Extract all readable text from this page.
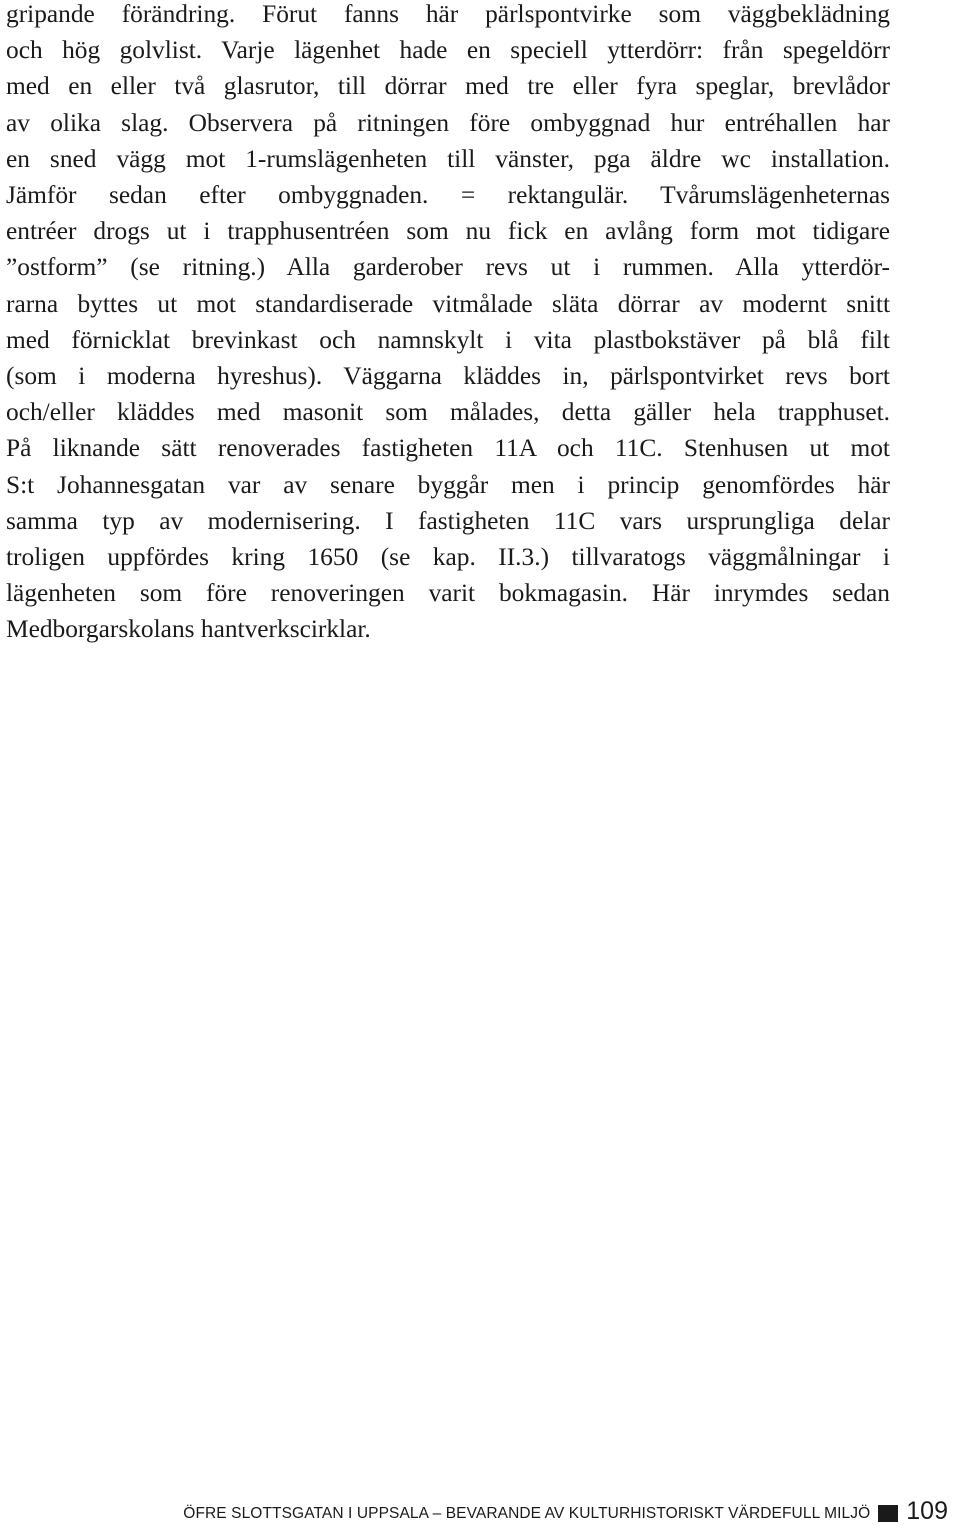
gripande förändring. Förut fanns här pärlspontvirke som väggbeklädning
och hög golvlist. Varje lägenhet hade en speciell ytterdörr: från spegeldörr
med en eller två glasrutor, till dörrar med tre eller fyra speglar, brevlådor
av olika slag. Observera på ritningen före ombyggnad hur entréhallen har
en sned vägg mot 1-rumslägenheten till vänster, pga äldre wc installation.
Jämför sedan efter ombyggnaden. = rektangulär. Tvårumslägenheternas
entréer drogs ut i trapphusentréen som nu fick en avlång form mot tidigare
”ostform” (se ritning.) Alla garderober revs ut i rummen. Alla ytterdör-
rarna byttes ut mot standardiserade vitmålade släta dörrar av modernt snitt
med förnicklat brevinkast och namnskylt i vita plastbokstäver på blå filt
(som i moderna hyreshus). Väggarna kläddes in, pärlspontvirket revs bort
och/eller kläddes med masonit som målades, detta gäller hela trapphuset.
På liknande sätt renoverades fastigheten 11A och 11C. Stenhusen ut mot
S:t Johannesgatan var av senare byggår men i princip genomfördes här
samma typ av modernisering. I fastigheten 11C vars ursprungliga delar
troligen uppfördes kring 1650 (se kap. II.3.) tillvaratogs väggmålningar i
lägenheten som före renoveringen varit bokmagasin. Här inrymdes sedan
Medborgarskolans hantverkscirklar.
ÖFRE SLOTTSGATAN I UPPSALA – BEVARANDE AV KULTURHISTORISKT VÄRDEFULL MILJÖ 109
